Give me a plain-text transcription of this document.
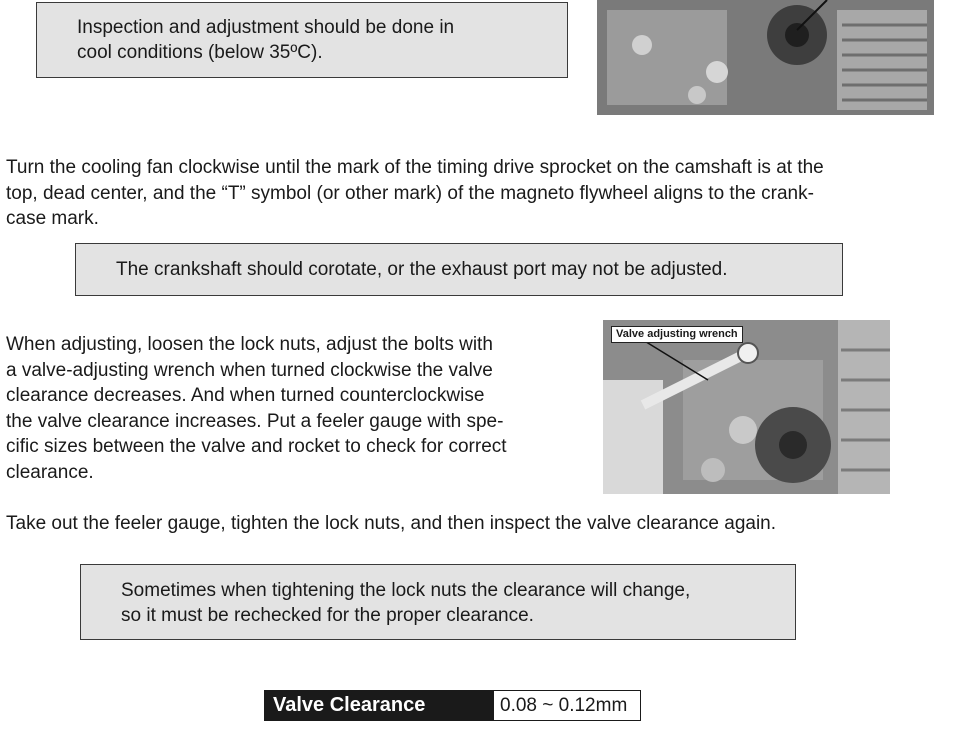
Inspection and adjustment should be done in
cool conditions (below 35ºC).
Turn the cooling fan clockwise until the mark of the timing drive sprocket on the camshaft is at the
top, dead center, and the “T” symbol (or other mark) of the magneto flywheel aligns to the crank-
case mark.
The crankshaft should corotate, or the exhaust port may not be adjusted.
When adjusting, loosen the lock nuts, adjust the bolts with
a valve-adjusting wrench when turned clockwise the valve
clearance decreases. And when turned counterclockwise
the valve clearance increases. Put a feeler gauge with spe-
cific sizes between the valve and rocket to check for correct
clearance.
Valve adjusting wrench
Take out the feeler gauge, tighten the lock nuts, and then inspect the valve clearance again.
Sometimes when tightening the lock nuts the clearance will change,
so it must be rechecked for the proper clearance.
Valve Clearance	0.08 ~ 0.12mm
